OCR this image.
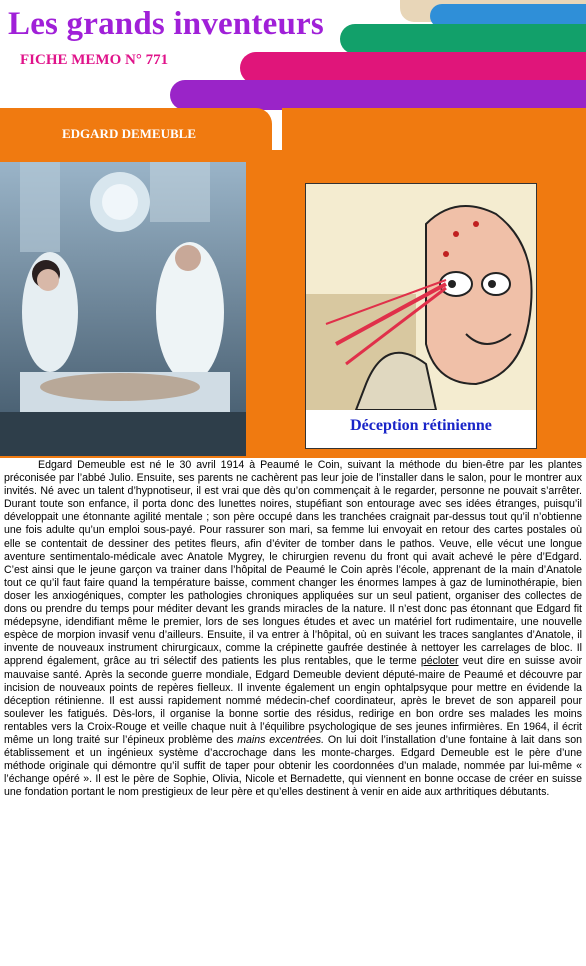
Les grands inventeurs
FICHE MEMO N° 771
EDGARD DEMEUBLE
Déception rétinienne

Edgard Demeuble est né le 30 avril 1914 à Peaumé le Coin, suivant la méthode du bien-être par les plantes préconisée par l’abbé Julio. Ensuite, ses parents ne cachèrent pas leur joie de l’installer dans le salon, pour le montrer aux invités. Né avec un talent d’hypnotiseur, il est vrai que dès qu’on commençait à le regarder, personne ne pouvait s’arrêter. Durant toute son enfance, il porta donc des lunettes noires, stupéfiant son entourage avec ses idées étranges, puisqu’il développait une étonnante agilité mentale ; son père occupé dans les tranchées craignait par-dessus tout qu’il n’obtienne une fois adulte qu’un emploi sous-payé. Pour rassurer son mari, sa femme lui envoyait en retour des cartes postales où elle se contentait de dessiner des petites fleurs, afin d’éviter de tomber dans le pathos. Veuve, elle vécut une longue aventure sentimentalo-médicale avec Anatole Mygrey, le chirurgien revenu du front qui avait achevé le père d’Edgard. C’est ainsi que le jeune garçon va trainer dans l’hôpital de Peaumé le Coin après l’école, apprenant de la main d’Anatole tout ce qu’il faut faire quand la température baisse, comment changer les énormes lampes à gaz de luminothérapie, bien doser les anxiogéniques, compter les pathologies chroniques appliquées sur un seul patient, organiser des collectes de dons ou prendre du temps pour méditer devant les grands miracles de la nature. Il n’est donc pas étonnant que Edgard fit médepsyne, idendifiant même le premier, lors de ses longues études et avec un matériel fort rudimentaire, une nouvelle espèce de morpion invasif venu d’ailleurs. Ensuite, il va entrer à l’hôpital, où en suivant les traces sanglantes d’Anatole, il invente de nouveaux instrument chirurgicaux, comme la crépinette gaufrée destinée à nettoyer les carrelages de bloc. Il apprend également, grâce au tri sélectif des patients les plus rentables, que le terme pécloter veut dire en suisse avoir mauvaise santé. Après la seconde guerre mondiale, Edgard Demeuble devient député-maire de Peaumé et découvre par incision de nouveaux points de repères fielleux. Il invente également un engin ophtalpsyque pour mettre en évidende la déception rétinienne. Il est aussi rapidement nommé médecin-chef coordinateur, après le brevet de son appareil pour soulever les fatigués. Dès-lors, il organise la bonne sortie des résidus, redirige en bon ordre ses malades les moins rentables vers la Croix-Rouge et veille chaque nuit à l’équilibre psychologique de ses jeunes infirmières. En 1964, il écrit même un long traité sur l’épineux problème des mains excentrées. On lui doit l’installation d’une fontaine à lait dans son établissement et un ingénieux système d’accrochage dans les monte-charges. Edgard Demeuble est le père d’une méthode originale qui démontre qu’il suffit de taper pour obtenir les coordonnées d’un malade, nommée par lui-même « l’échange opéré ». Il est le père de Sophie, Olivia, Nicole et Bernadette, qui viennent en bonne occase de créer en suisse une fondation portant le nom prestigieux de leur père et qu’elles destinent à venir en aide aux arthritiques débutants.
